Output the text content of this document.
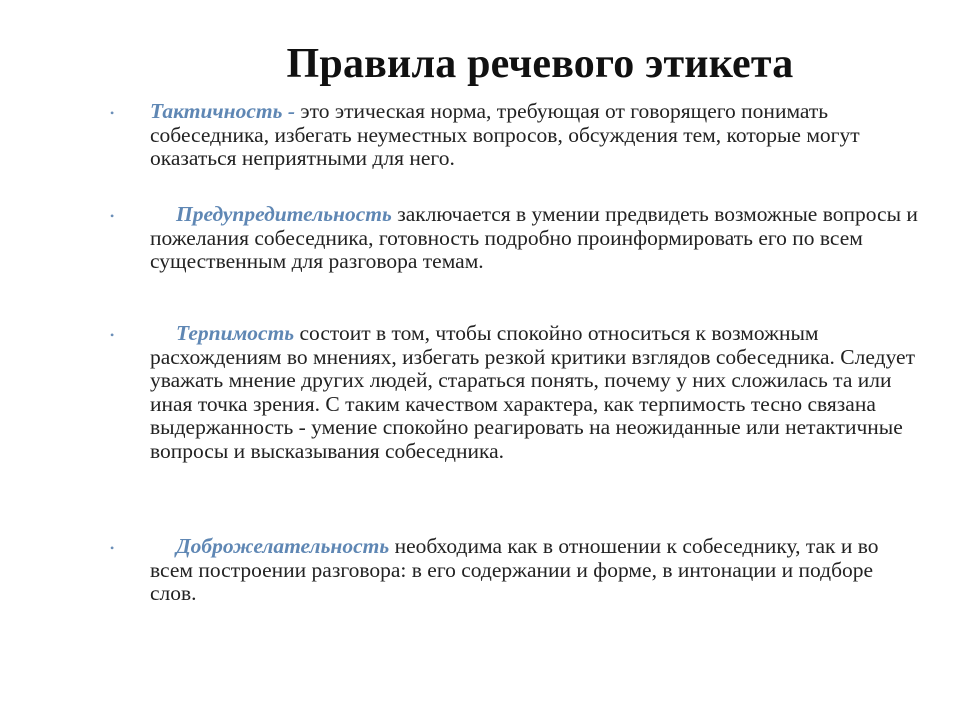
Правила речевого этикета
•	Тактичность - это этическая норма, требующая от говорящего понимать собеседника, избегать неуместных вопросов, обсуждения тем, которые могут оказаться неприятными для него.
•	Предупредительность заключается в умении предвидеть возможные вопросы и пожелания собеседника, готовность подробно проинформировать его по всем существенным для разговора темам.
•	Терпимость состоит в том, чтобы спокойно относиться к возможным расхождениям во мнениях, избегать резкой критики взглядов собеседника. Следует уважать мнение других людей, стараться понять, почему у них сложилась та или иная точка зрения. С таким качеством характера, как терпимость тесно связана выдержанность - умение спокойно реагировать на неожиданные или нетактичные вопросы и высказывания собеседника.
•	Доброжелательность необходима как в отношении к собеседнику, так и во всем построении разговора: в его содержании и форме, в интонации и подборе слов.
